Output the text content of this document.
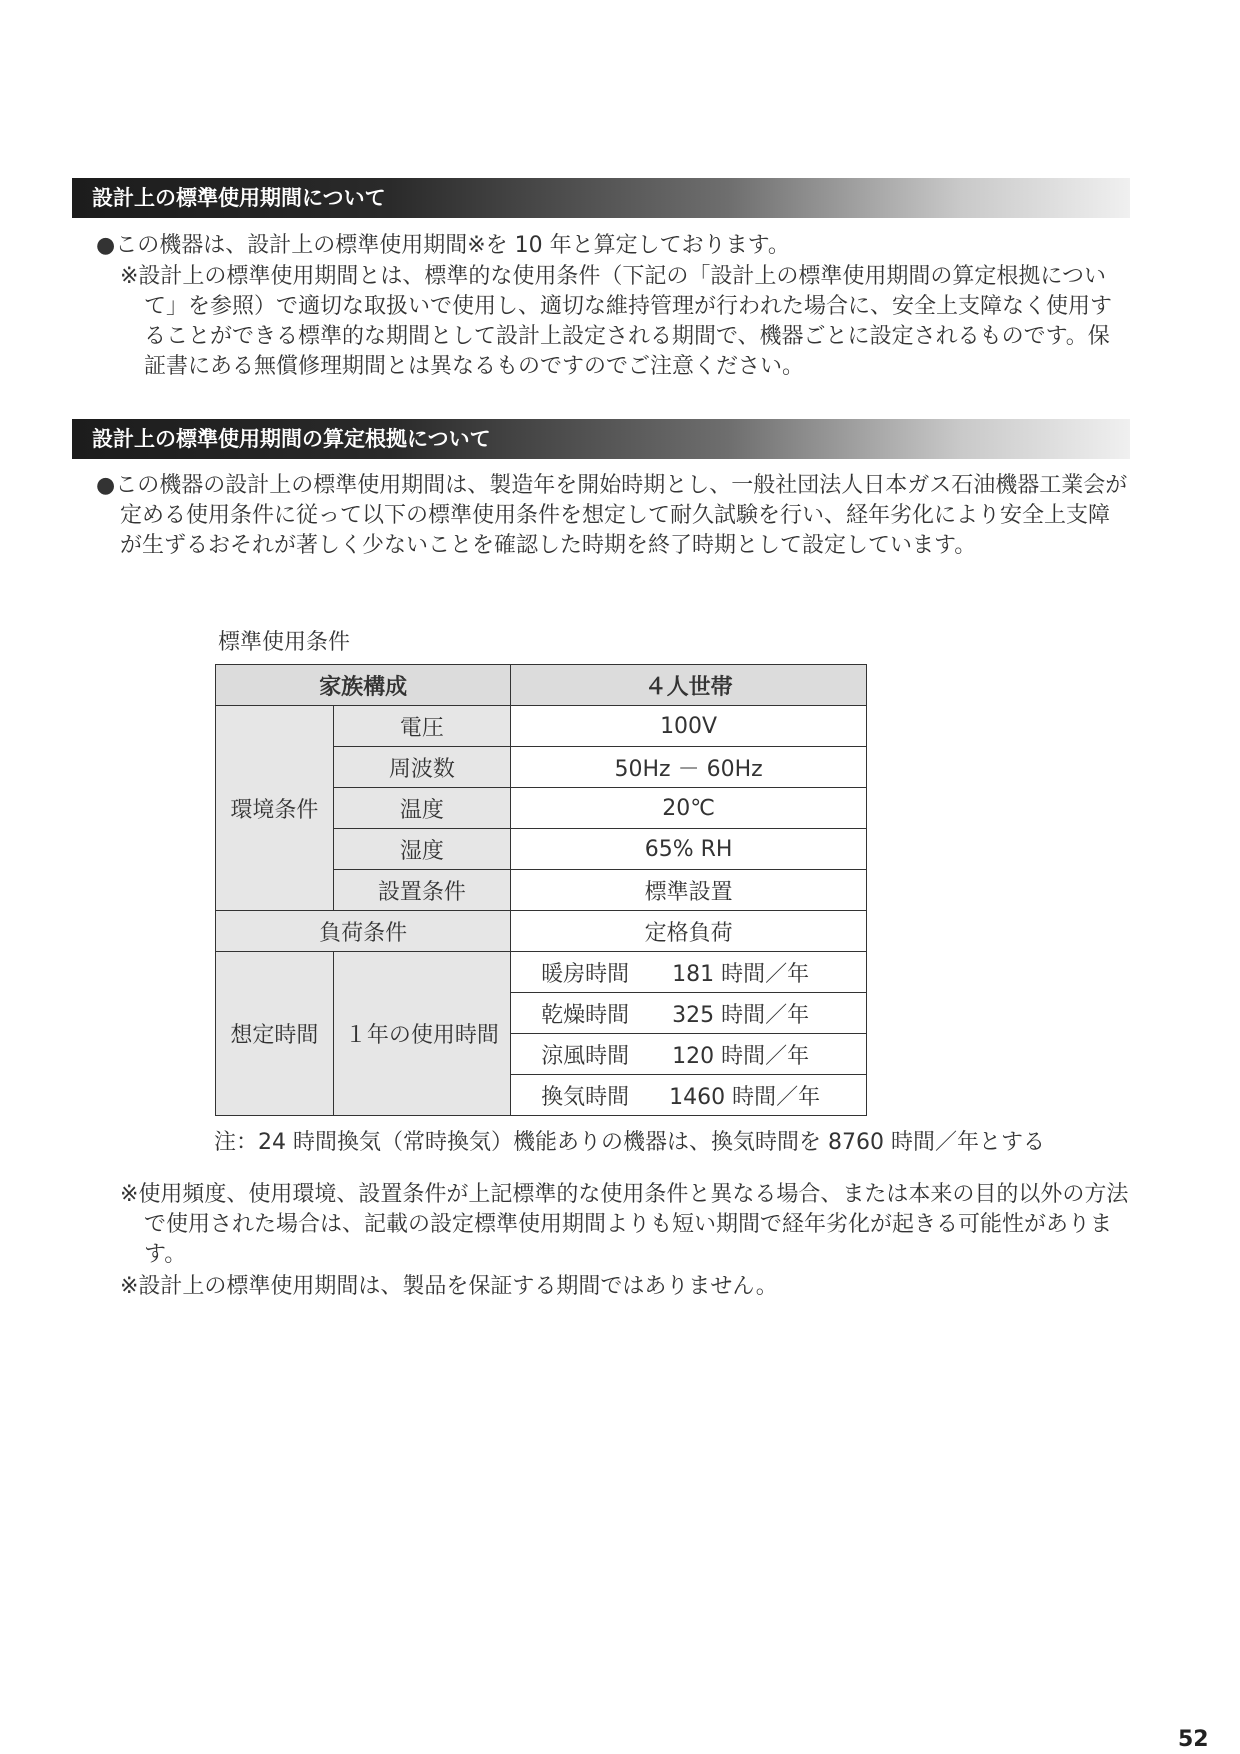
設計上の標準使用期間について
●この機器は、設計上の標準使用期間※を 10 年と算定しております。
※設計上の標準使用期間とは、標準的な使用条件（下記の「設計上の標準使用期間の算定根拠について」を参照）で適切な取扱いで使用し、適切な維持管理が行われた場合に、安全上支障なく使用することができる標準的な期間として設計上設定される期間で、機器ごとに設定されるものです。保証書にある無償修理期間とは異なるものですのでご注意ください。
設計上の標準使用期間の算定根拠について
●この機器の設計上の標準使用期間は、製造年を開始時期とし、一般社団法人日本ガス石油機器工業会が定める使用条件に従って以下の標準使用条件を想定して耐久試験を行い、経年劣化により安全上支障が生ずるおそれが著しく少ないことを確認した時期を終了時期として設定しています。
標準使用条件
家族構成		４人世帯
環境条件	電圧	100V
	周波数	50Hz － 60Hz
	温度	20℃
	湿度	65% RH
	設置条件	標準設置
負荷条件		定格負荷
想定時間	１年の使用時間	暖房時間 181 時間／年
		乾燥時間 325 時間／年
		涼風時間 120 時間／年
		換気時間 1460 時間／年
注：24 時間換気（常時換気）機能ありの機器は、換気時間を 8760 時間／年とする
※使用頻度、使用環境、設置条件が上記標準的な使用条件と異なる場合、または本来の目的以外の方法で使用された場合は、記載の設定標準使用期間よりも短い期間で経年劣化が起きる可能性があります。
※設計上の標準使用期間は、製品を保証する期間ではありません。
52
